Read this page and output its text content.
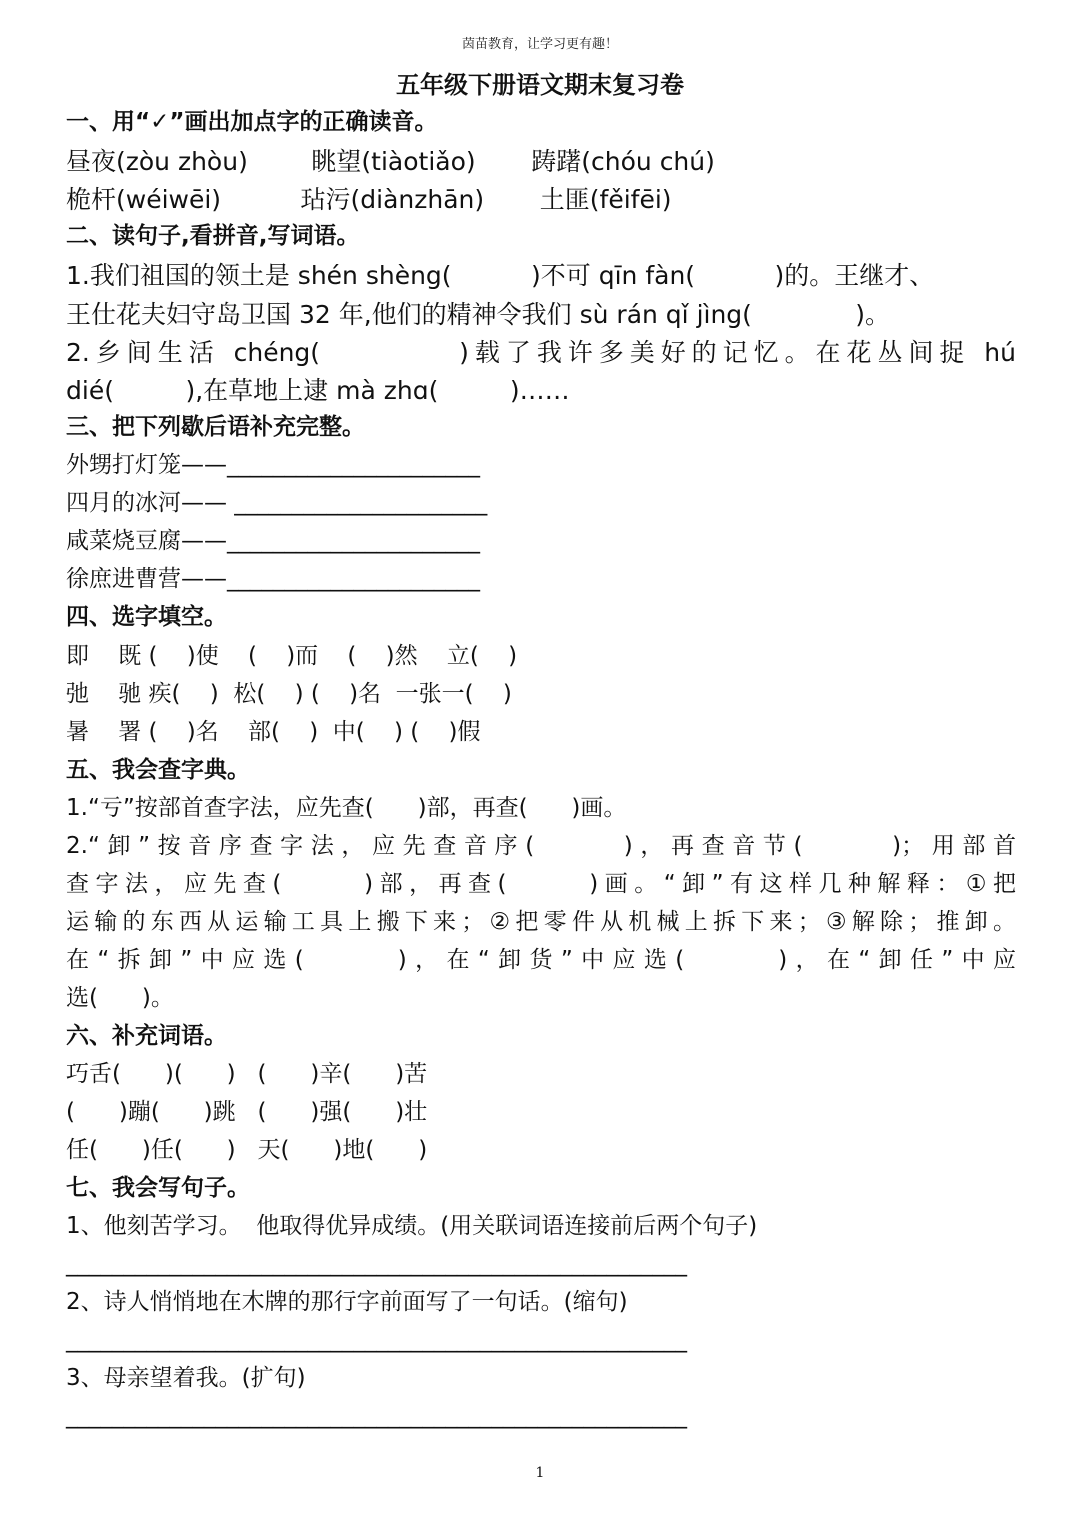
茵苗教育，让学习更有趣！
五年级下册语文期末复习卷
一、用“✓”画出加点字的正确读音。
昼夜(zòu zhòu)        眺望(tiàotiǎo)       踌躇(chóu chú)
桅杆(wéiwēi)          玷污(diànzhān)       土匪(fěifēi)
二、读句子,看拼音,写词语。
1.我们祖国的领土是 shén shèng(          )不可 qīn fàn(          )的。王继才、
王仕花夫妇守岛卫国 32 年,他们的精神令我们 sù rán qǐ jìng(             )。
2.乡间生活 chéng(          )载了我许多美好的记忆。在花丛间捉 hú
dié(         ),在草地上逮 mà zhɑ(         )……
三、把下列歇后语补充完整。
外甥打灯笼——______________________
四月的冰河—— ______________________
咸菜烧豆腐——______________________
徐庶进曹营——______________________
四、选字填空。
即    既 (    )使    (    )而    (    )然    立(    )
弛    驰 疾(    )  松(    ) (    )名  一张一(    )
暑    署 (    )名    部(    )  中(    ) (    )假
五、我会查字典。
1.“亏”按部首查字法，应先查(      )部，再查(      )画。
2.“卸”按音序查字法，应先查音序(      )，再查音节(      )；用部首
查字法，应先查(      )部，再查(      )画。“卸”有这样几种解释：①把
运输的东西从运输工具上搬下来；②把零件从机械上拆下来；③解除；推卸。
在“拆卸”中应选(      )，在“卸货”中应选(      )，在“卸任”中应
选(      )。
六、补充词语。
巧舌(      )(      )   (      )辛(      )苦
(      )蹦(      )跳   (      )强(      )壮
任(      )任(      )   天(      )地(      )
七、我会写句子。
1、他刻苦学习。  他取得优异成绩。(用关联词语连接前后两个句子)
______________________________________________________
2、诗人悄悄地在木牌的那行字前面写了一句话。(缩句)
______________________________________________________
3、母亲望着我。(扩句)
______________________________________________________
1
